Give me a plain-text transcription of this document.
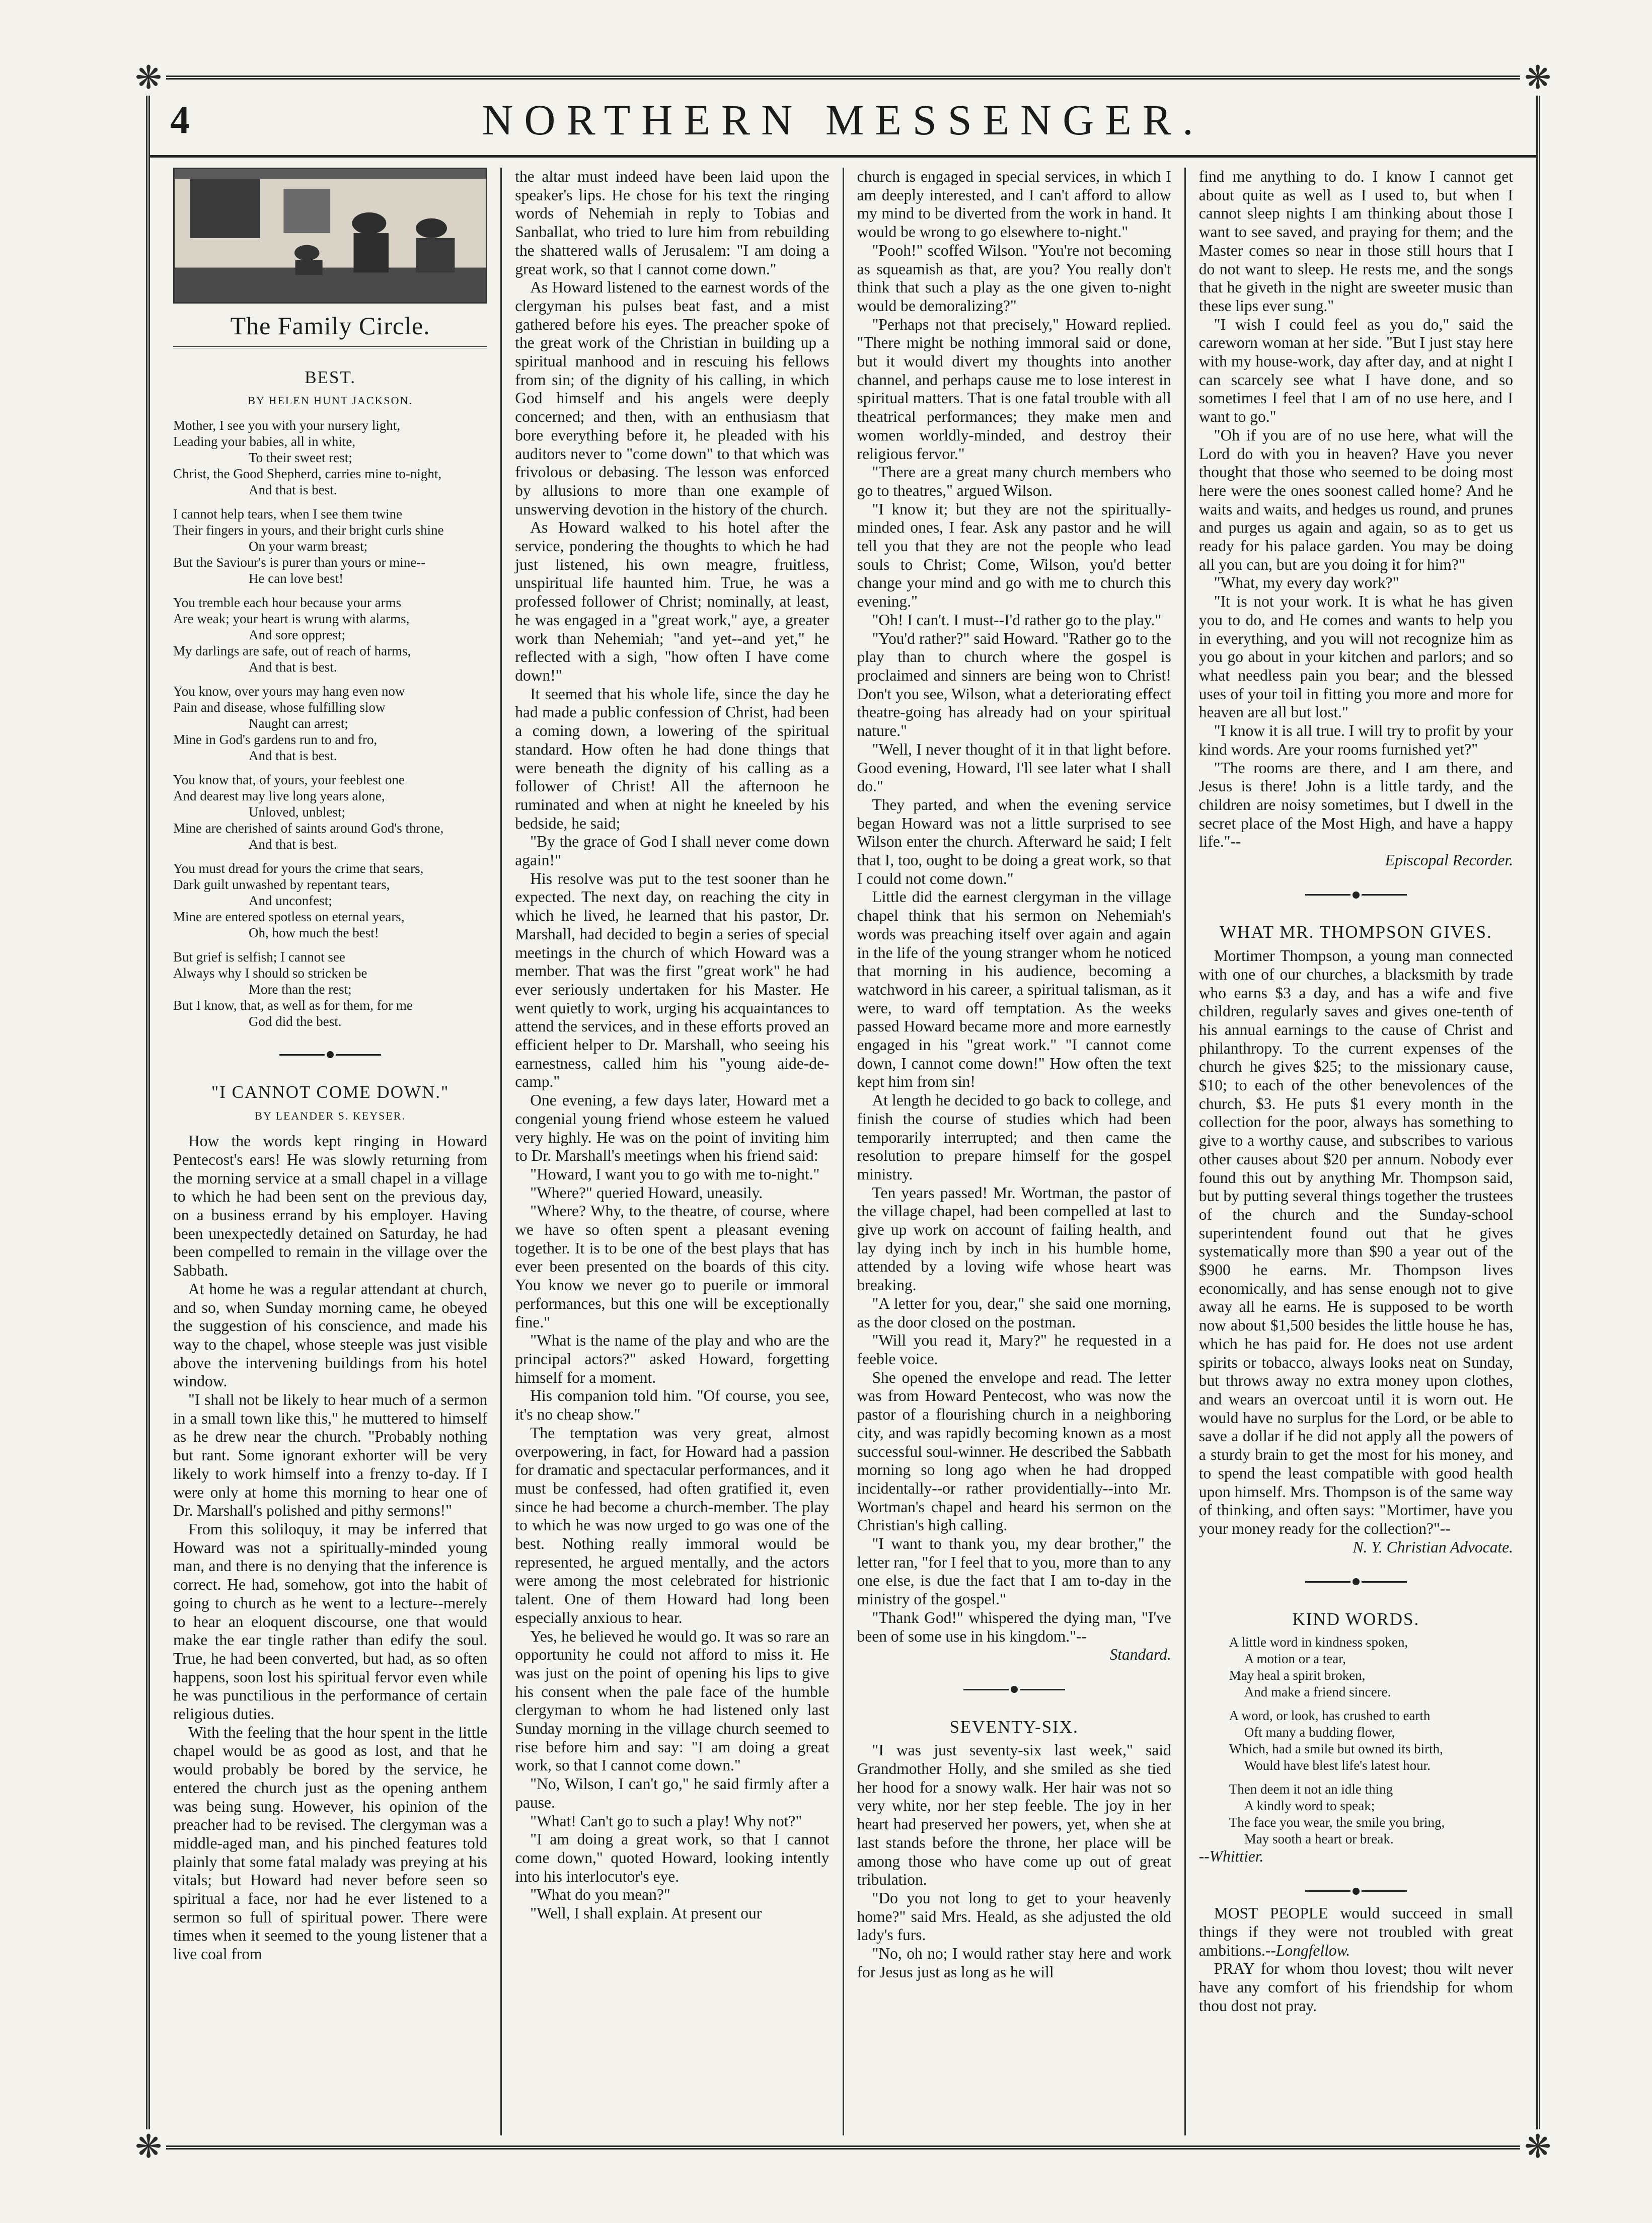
❋	❋
❋	❋
4	NORTHERN MESSENGER.
The Family Circle.
BEST.
BY HELEN HUNT JACKSON.
Mother, I see you with your nursery light,
Leading your babies, all in white,
To their sweet rest;
Christ, the Good Shepherd, carries mine to-night,
And that is best.
I cannot help tears, when I see them twine
Their fingers in yours, and their bright curls shine
On your warm breast;
But the Saviour's is purer than yours or mine--
He can love best!
You tremble each hour because your arms
Are weak; your heart is wrung with alarms,
And sore opprest;
My darlings are safe, out of reach of harms,
And that is best.
You know, over yours may hang even now
Pain and disease, whose fulfilling slow
Naught can arrest;
Mine in God's gardens run to and fro,
And that is best.
You know that, of yours, your feeblest one
And dearest may live long years alone,
Unloved, unblest;
Mine are cherished of saints around God's throne,
And that is best.
You must dread for yours the crime that sears,
Dark guilt unwashed by repentant tears,
And unconfest;
Mine are entered spotless on eternal years,
Oh, how much the best!
But grief is selfish; I cannot see
Always why I should so stricken be
More than the rest;
But I know, that, as well as for them, for me
God did the best.
"I CANNOT COME DOWN."
BY LEANDER S. KEYSER.

How the words kept ringing in Howard Pentecost's ears! He was slowly returning from the morning service at a small chapel in a village to which he had been sent on the previous day, on a business errand by his employer. Having been unexpectedly detained on Saturday, he had been compelled to remain in the village over the Sabbath.

At home he was a regular attendant at church, and so, when Sunday morning came, he obeyed the suggestion of his conscience, and made his way to the chapel, whose steeple was just visible above the intervening buildings from his hotel window.

"I shall not be likely to hear much of a sermon in a small town like this," he muttered to himself as he drew near the church. "Probably nothing but rant. Some ignorant exhorter will be very likely to work himself into a frenzy to-day. If I were only at home this morning to hear one of Dr. Marshall's polished and pithy sermons!"

From this soliloquy, it may be inferred that Howard was not a spiritually-minded young man, and there is no denying that the inference is correct. He had, somehow, got into the habit of going to church as he went to a lecture--merely to hear an eloquent discourse, one that would make the ear tingle rather than edify the soul. True, he had been converted, but had, as so often happens, soon lost his spiritual fervor even while he was punctilious in the performance of certain religious duties.

With the feeling that the hour spent in the little chapel would be as good as lost, and that he would probably be bored by the service, he entered the church just as the opening anthem was being sung. However, his opinion of the preacher had to be revised. The clergyman was a middle-aged man, and his pinched features told plainly that some fatal malady was preying at his vitals; but Howard had never before seen so spiritual a face, nor had he ever listened to a sermon so full of spiritual power. There were times when it seemed to the young listener that a live coal from

the altar must indeed have been laid upon the speaker's lips. He chose for his text the ringing words of Nehemiah in reply to Tobias and Sanballat, who tried to lure him from rebuilding the shattered walls of Jerusalem: "I am doing a great work, so that I cannot come down."

As Howard listened to the earnest words of the clergyman his pulses beat fast, and a mist gathered before his eyes. The preacher spoke of the great work of the Christian in building up a spiritual manhood and in rescuing his fellows from sin; of the dignity of his calling, in which God himself and his angels were deeply concerned; and then, with an enthusiasm that bore everything before it, he pleaded with his auditors never to "come down" to that which was frivolous or debasing. The lesson was enforced by allusions to more than one example of unswerving devotion in the history of the church.

As Howard walked to his hotel after the service, pondering the thoughts to which he had just listened, his own meagre, fruitless, unspiritual life haunted him. True, he was a professed follower of Christ; nominally, at least, he was engaged in a "great work," aye, a greater work than Nehemiah; "and yet--and yet," he reflected with a sigh, "how often I have come down!"

It seemed that his whole life, since the day he had made a public confession of Christ, had been a coming down, a lowering of the spiritual standard. How often he had done things that were beneath the dignity of his calling as a follower of Christ! All the afternoon he ruminated and when at night he kneeled by his bedside, he said;

"By the grace of God I shall never come down again!"

His resolve was put to the test sooner than he expected. The next day, on reaching the city in which he lived, he learned that his pastor, Dr. Marshall, had decided to begin a series of special meetings in the church of which Howard was a member. That was the first "great work" he had ever seriously undertaken for his Master. He went quietly to work, urging his acquaintances to attend the services, and in these efforts proved an efficient helper to Dr. Marshall, who seeing his earnestness, called him his "young aide-de-camp."

One evening, a few days later, Howard met a congenial young friend whose esteem he valued very highly. He was on the point of inviting him to Dr. Marshall's meetings when his friend said:

"Howard, I want you to go with me to-night."

"Where?" queried Howard, uneasily.

"Where? Why, to the theatre, of course, where we have so often spent a pleasant evening together. It is to be one of the best plays that has ever been presented on the boards of this city. You know we never go to puerile or immoral performances, but this one will be exceptionally fine."

"What is the name of the play and who are the principal actors?" asked Howard, forgetting himself for a moment.

His companion told him. "Of course, you see, it's no cheap show."

The temptation was very great, almost overpowering, in fact, for Howard had a passion for dramatic and spectacular performances, and it must be confessed, had often gratified it, even since he had become a church-member. The play to which he was now urged to go was one of the best. Nothing really immoral would be represented, he argued mentally, and the actors were among the most celebrated for histrionic talent. One of them Howard had long been especially anxious to hear.

Yes, he believed he would go. It was so rare an opportunity he could not afford to miss it. He was just on the point of opening his lips to give his consent when the pale face of the humble clergyman to whom he had listened only last Sunday morning in the village church seemed to rise before him and say: "I am doing a great work, so that I cannot come down."

"No, Wilson, I can't go," he said firmly after a pause.

"What! Can't go to such a play! Why not?"

"I am doing a great work, so that I cannot come down," quoted Howard, looking intently into his interlocutor's eye.

"What do you mean?"

"Well, I shall explain. At present our

church is engaged in special services, in which I am deeply interested, and I can't afford to allow my mind to be diverted from the work in hand. It would be wrong to go elsewhere to-night."

"Pooh!" scoffed Wilson. "You're not becoming as squeamish as that, are you? You really don't think that such a play as the one given to-night would be demoralizing?"

"Perhaps not that precisely," Howard replied. "There might be nothing immoral said or done, but it would divert my thoughts into another channel, and perhaps cause me to lose interest in spiritual matters. That is one fatal trouble with all theatrical performances; they make men and women worldly-minded, and destroy their religious fervor."

"There are a great many church members who go to theatres," argued Wilson.

"I know it; but they are not the spiritually-minded ones, I fear. Ask any pastor and he will tell you that they are not the people who lead souls to Christ; Come, Wilson, you'd better change your mind and go with me to church this evening."

"Oh! I can't. I must--I'd rather go to the play."

"You'd rather?" said Howard. "Rather go to the play than to church where the gospel is proclaimed and sinners are being won to Christ! Don't you see, Wilson, what a deteriorating effect theatre-going has already had on your spiritual nature."

"Well, I never thought of it in that light before. Good evening, Howard, I'll see later what I shall do."

They parted, and when the evening service began Howard was not a little surprised to see Wilson enter the church. Afterward he said; I felt that I, too, ought to be doing a great work, so that I could not come down."

Little did the earnest clergyman in the village chapel think that his sermon on Nehemiah's words was preaching itself over again and again in the life of the young stranger whom he noticed that morning in his audience, becoming a watchword in his career, a spiritual talisman, as it were, to ward off temptation. As the weeks passed Howard became more and more earnestly engaged in his "great work." "I cannot come down, I cannot come down!" How often the text kept him from sin!

At length he decided to go back to college, and finish the course of studies which had been temporarily interrupted; and then came the resolution to prepare himself for the gospel ministry.

Ten years passed! Mr. Wortman, the pastor of the village chapel, had been compelled at last to give up work on account of failing health, and lay dying inch by inch in his humble home, attended by a loving wife whose heart was breaking.

"A letter for you, dear," she said one morning, as the door closed on the postman.

"Will you read it, Mary?" he requested in a feeble voice.

She opened the envelope and read. The letter was from Howard Pentecost, who was now the pastor of a flourishing church in a neighboring city, and was rapidly becoming known as a most successful soul-winner. He described the Sabbath morning so long ago when he had dropped incidentally--or rather providentially--into Mr. Wortman's chapel and heard his sermon on the Christian's high calling.

"I want to thank you, my dear brother," the letter ran, "for I feel that to you, more than to any one else, is due the fact that I am to-day in the ministry of the gospel."

"Thank God!" whispered the dying man, "I've been of some use in his kingdom."--

Standard.

SEVENTY-SIX.

"I was just seventy-six last week," said Grandmother Holly, and she smiled as she tied her hood for a snowy walk. Her hair was not so very white, nor her step feeble. The joy in her heart had preserved her powers, yet, when she at last stands before the throne, her place will be among those who have come up out of great tribulation.

"Do you not long to get to your heavenly home?" said Mrs. Heald, as she adjusted the old lady's furs.

"No, oh no; I would rather stay here and work for Jesus just as long as he will

find me anything to do. I know I cannot get about quite as well as I used to, but when I cannot sleep nights I am thinking about those I want to see saved, and praying for them; and the Master comes so near in those still hours that I do not want to sleep. He rests me, and the songs that he giveth in the night are sweeter music than these lips ever sung."

"I wish I could feel as you do," said the careworn woman at her side. "But I just stay here with my house-work, day after day, and at night I can scarcely see what I have done, and so sometimes I feel that I am of no use here, and I want to go."

"Oh if you are of no use here, what will the Lord do with you in heaven? Have you never thought that those who seemed to be doing most here were the ones soonest called home? And he waits and waits, and hedges us round, and prunes and purges us again and again, so as to get us ready for his palace garden. You may be doing all you can, but are you doing it for him?"

"What, my every day work?"

"It is not your work. It is what he has given you to do, and He comes and wants to help you in everything, and you will not recognize him as you go about in your kitchen and parlors; and so what needless pain you bear; and the blessed uses of your toil in fitting you more and more for heaven are all but lost."

"I know it is all true. I will try to profit by your kind words. Are your rooms furnished yet?"

"The rooms are there, and I am there, and Jesus is there! John is a little tardy, and the children are noisy sometimes, but I dwell in the secret place of the Most High, and have a happy life."--

Episcopal Recorder.

WHAT MR. THOMPSON GIVES.

Mortimer Thompson, a young man connected with one of our churches, a blacksmith by trade who earns $3 a day, and has a wife and five children, regularly saves and gives one-tenth of his annual earnings to the cause of Christ and philanthropy. To the current expenses of the church he gives $25; to the missionary cause, $10; to each of the other benevolences of the church, $3. He puts $1 every month in the collection for the poor, always has something to give to a worthy cause, and subscribes to various other causes about $20 per annum. Nobody ever found this out by anything Mr. Thompson said, but by putting several things together the trustees of the church and the Sunday-school superintendent found out that he gives systematically more than $90 a year out of the $900 he earns. Mr. Thompson lives economically, and has sense enough not to give away all he earns. He is supposed to be worth now about $1,500 besides the little house he has, which he has paid for. He does not use ardent spirits or tobacco, always looks neat on Sunday, but throws away no extra money upon clothes, and wears an overcoat until it is worn out. He would have no surplus for the Lord, or be able to save a dollar if he did not apply all the powers of a sturdy brain to get the most for his money, and to spend the least compatible with good health upon himself. Mrs. Thompson is of the same way of thinking, and often says: "Mortimer, have you your money ready for the collection?"--

N. Y. Christian Advocate.

KIND WORDS.
A little word in kindness spoken,
A motion or a tear,
May heal a spirit broken,
And make a friend sincere.
A word, or look, has crushed to earth
Oft many a budding flower,
Which, had a smile but owned its birth,
Would have blest life's latest hour.
Then deem it not an idle thing
A kindly word to speak;
The face you wear, the smile you bring,
May sooth a heart or break.

--Whittier.

MOST PEOPLE would succeed in small things if they were not troubled with great ambitions.--Longfellow.

PRAY for whom thou lovest; thou wilt never have any comfort of his friendship for whom thou dost not pray.
